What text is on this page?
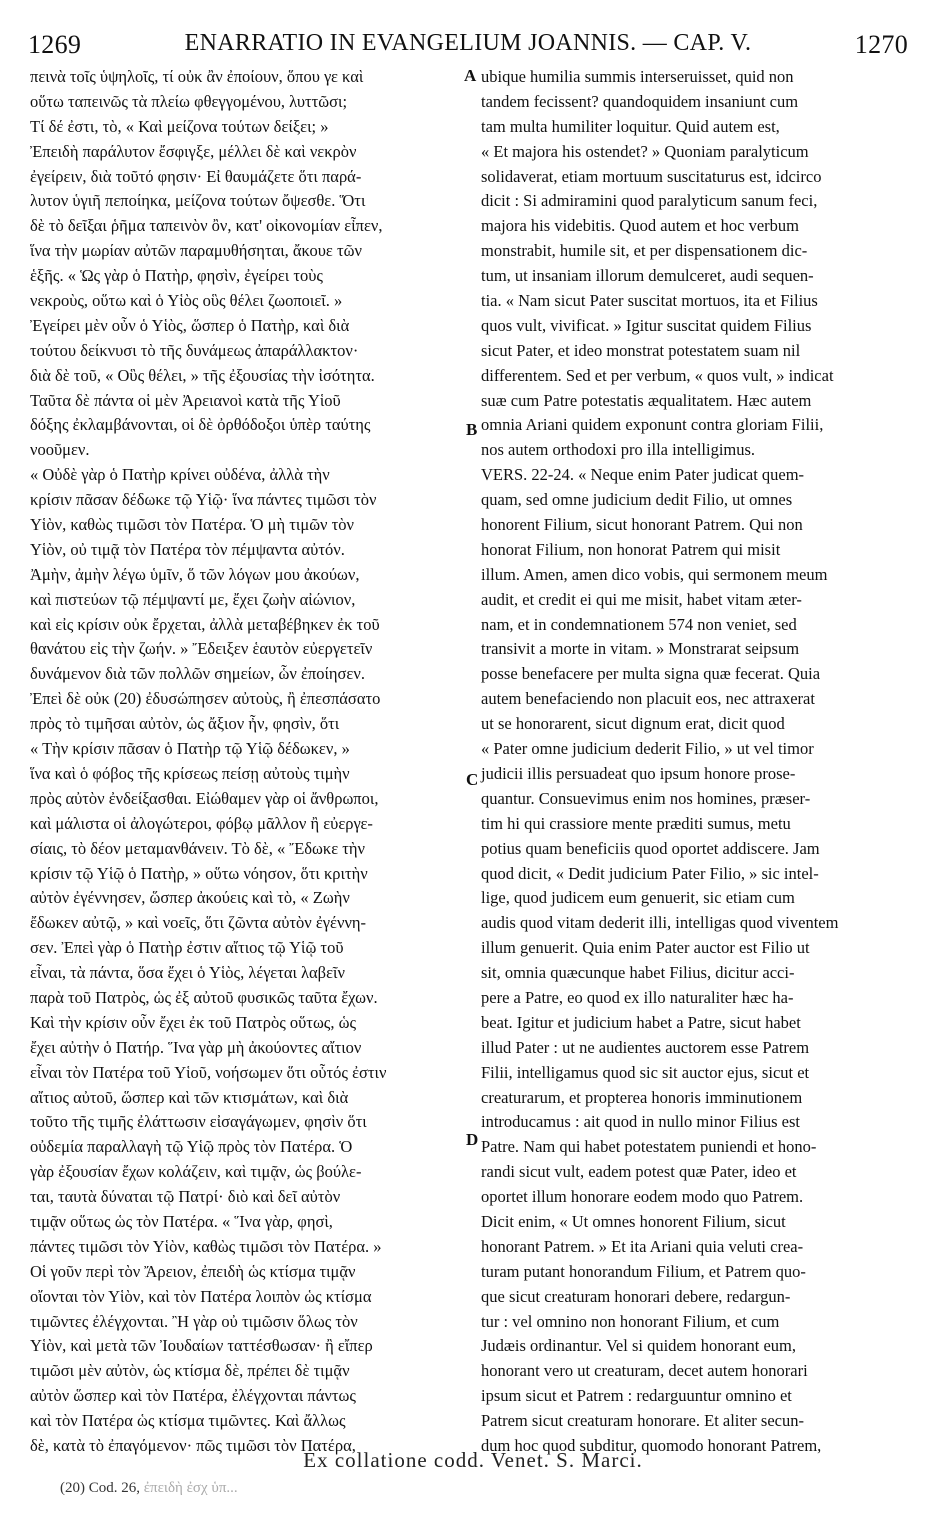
1269	ENARRATIO IN EVANGELIUM JOANNIS. — CAP. V.	1270
πεινὰ τοῖς ὑψηλοῖς, τί οὐκ ἂν ἐποίουν, ὅπου γε καὶ
οὕτω ταπεινῶς τὰ πλείω φθεγγομένου, λυττῶσι;
Τί δέ ἐστι, τὸ, « Καὶ μείζονα τούτων δείξει; »
Ἐπειδὴ παράλυτον ἔσφιγξε, μέλλει δὲ καὶ νεκρὸν
ἐγείρειν, διὰ τοῦτό φησιν· Εἰ θαυμάζετε ὅτι παρά-
λυτον ὑγιῆ πεποίηκα, μείζονα τούτων ὄψεσθε. Ὅτι
δὲ τὸ δεῖξαι ῥῆμα ταπεινὸν ὂν, κατ' οἰκονομίαν εἶπεν,
ἵνα τὴν μωρίαν αὐτῶν παραμυθήσηται, ἄκουε τῶν
ἑξῆς. « Ὡς γὰρ ὁ Πατὴρ, φησὶν, ἐγείρει τοὺς
νεκροὺς, οὕτω καὶ ὁ Υἱὸς οὓς θέλει ζωοποιεῖ. »
Ἐγείρει μὲν οὖν ὁ Υἱὸς, ὥσπερ ὁ Πατὴρ, καὶ διὰ
τούτου δείκνυσι τὸ τῆς δυνάμεως ἀπαράλλακτον·
διὰ δὲ τοῦ, « Οὓς θέλει, » τῆς ἐξουσίας τὴν ἰσότητα.
Ταῦτα δὲ πάντα οἱ μὲν Ἀρειανοὶ κατὰ τῆς Υἱοῦ
δόξης ἐκλαμβάνονται, οἱ δὲ ὀρθόδοξοι ὑπὲρ ταύτης
νοοῦμεν.
« Οὐδὲ γὰρ ὁ Πατὴρ κρίνει οὐδένα, ἀλλὰ τὴν
κρίσιν πᾶσαν δέδωκε τῷ Υἱῷ· ἵνα πάντες τιμῶσι τὸν
Υἱὸν, καθὼς τιμῶσι τὸν Πατέρα. Ὁ μὴ τιμῶν τὸν
Υἱὸν, οὐ τιμᾷ τὸν Πατέρα τὸν πέμψαντα αὐτόν.
Ἀμὴν, ἀμὴν λέγω ὑμῖν, ὅ τῶν λόγων μου ἀκούων,
καὶ πιστεύων τῷ πέμψαντί με, ἔχει ζωὴν αἰώνιον,
καὶ εἰς κρίσιν οὐκ ἔρχεται, ἀλλὰ μεταβέβηκεν ἐκ τοῦ
θανάτου εἰς τὴν ζωήν. » Ἔδειξεν ἑαυτὸν εὐεργετεῖν
δυνάμενον διὰ τῶν πολλῶν σημείων, ὧν ἐποίησεν.
Ἐπεὶ δὲ οὐκ (20) ἐδυσώπησεν αὐτοὺς, ἢ ἐπεσπάσατο
πρὸς τὸ τιμῆσαι αὐτὸν, ὡς ἄξιον ἦν, φησὶν, ὅτι
« Τὴν κρίσιν πᾶσαν ὁ Πατὴρ τῷ Υἱῷ δέδωκεν, »
ἵνα καὶ ὁ φόβος τῆς κρίσεως πείσῃ αὐτοὺς τιμὴν
πρὸς αὐτὸν ἐνδείξασθαι. Εἰώθαμεν γὰρ οἱ ἄνθρωποι,
καὶ μάλιστα οἱ ἀλογώτεροι, φόβῳ μᾶλλον ἢ εὐεργε-
σίαις, τὸ δέον μεταμανθάνειν. Τὸ δὲ, « Ἔδωκε τὴν
κρίσιν τῷ Υἱῷ ὁ Πατὴρ, » οὕτω νόησον, ὅτι κριτὴν
αὐτὸν ἐγέννησεν, ὥσπερ ἀκούεις καὶ τὸ, « Ζωὴν
ἔδωκεν αὐτῷ, » καὶ νοεῖς, ὅτι ζῶντα αὐτὸν ἐγέννη-
σεν. Ἐπεὶ γὰρ ὁ Πατὴρ ἐστιν αἴτιος τῷ Υἱῷ τοῦ
εἶναι, τὰ πάντα, ὅσα ἔχει ὁ Υἱὸς, λέγεται λαβεῖν
παρὰ τοῦ Πατρὸς, ὡς ἐξ αὐτοῦ φυσικῶς ταῦτα ἔχων.
Καὶ τὴν κρίσιν οὖν ἔχει ἐκ τοῦ Πατρὸς οὕτως, ὡς
ἔχει αὐτὴν ὁ Πατήρ. Ἵνα γὰρ μὴ ἀκούοντες αἴτιον
εἶναι τὸν Πατέρα τοῦ Υἱοῦ, νοήσωμεν ὅτι οὗτός ἐστιν
αἴτιος αὐτοῦ, ὥσπερ καὶ τῶν κτισμάτων, καὶ διὰ
τοῦτο τῆς τιμῆς ἐλάττωσιν εἰσαγάγωμεν, φησὶν ὅτι
οὐδεμία παραλλαγὴ τῷ Υἱῷ πρὸς τὸν Πατέρα. Ὁ
γὰρ ἐξουσίαν ἔχων κολάζειν, καὶ τιμᾷν, ὡς βούλε-
ται, ταυτὰ δύναται τῷ Πατρί· διὸ καὶ δεῖ αὐτὸν
τιμᾷν οὕτως ὡς τὸν Πατέρα. « Ἵνα γὰρ, φησὶ,
πάντες τιμῶσι τὸν Υἱὸν, καθὼς τιμῶσι τὸν Πατέρα. »
Οἱ γοῦν περὶ τὸν Ἄρειον, ἐπειδὴ ὡς κτίσμα τιμᾷν
οἴονται τὸν Υἱὸν, καὶ τὸν Πατέρα λοιπὸν ὡς κτίσμα
τιμῶντες ἐλέγχονται. Ἢ γὰρ οὐ τιμῶσιν ὅλως τὸν
Υἱὸν, καὶ μετὰ τῶν Ἰουδαίων ταττέσθωσαν· ἢ εἴπερ
τιμῶσι μὲν αὐτὸν, ὡς κτίσμα δὲ, πρέπει δὲ τιμᾷν
αὐτὸν ὥσπερ καὶ τὸν Πατέρα, ἐλέγχονται πάντως
καὶ τὸν Πατέρα ὡς κτίσμα τιμῶντες. Καὶ ἄλλως
δὲ, κατὰ τὸ ἐπαγόμενον· πῶς τιμῶσι τὸν Πατέρα,
ubique humilia summis interseruisset, quid non
tandem fecissent? quandoquidem insaniunt cum
tam multa humiliter loquitur. Quid autem est,
« Et majora his ostendet? » Quoniam paralyticum
solidaverat, etiam mortuum suscitaturus est, idcirco
dicit : Si admiramini quod paralyticum sanum feci,
majora his videbitis. Quod autem et hoc verbum
monstrabit, humile sit, et per dispensationem dic-
tum, ut insaniam illorum demulceret, audi sequen-
tia. « Nam sicut Pater suscitat mortuos, ita et Filius
quos vult, vivificat. » Igitur suscitat quidem Filius
sicut Pater, et ideo monstrat potestatem suam nil
differentem. Sed et per verbum, « quos vult, » indicat
suæ cum Patre potestatis æqualitatem. Hæc autem
omnia Ariani quidem exponunt contra gloriam Filii,
nos autem orthodoxi pro illa intelligimus.
VERS. 22-24. « Neque enim Pater judicat quem-
quam, sed omne judicium dedit Filio, ut omnes
honorent Filium, sicut honorant Patrem. Qui non
honorat Filium, non honorat Patrem qui misit
illum. Amen, amen dico vobis, qui sermonem meum
audit, et credit ei qui me misit, habet vitam æter-
nam, et in condemnationem 574 non veniet, sed
transivit a morte in vitam. » Monstrarat seipsum
posse benefacere per multa signa quæ fecerat. Quia
autem benefaciendo non placuit eos, nec attraxerat
ut se honorarent, sicut dignum erat, dicit quod
« Pater omne judicium dederit Filio, » ut vel timor
judicii illis persuadeat quo ipsum honore prose-
quantur. Consuevimus enim nos homines, præser-
tim hi qui crassiore mente præditi sumus, metu
potius quam beneficiis quod oportet addiscere. Jam
quod dicit, « Dedit judicium Pater Filio, » sic intel-
lige, quod judicem eum genuerit, sic etiam cum
audis quod vitam dederit illi, intelligas quod viventem
illum genuerit. Quia enim Pater auctor est Filio ut
sit, omnia quæcunque habet Filius, dicitur acci-
pere a Patre, eo quod ex illo naturaliter hæc ha-
beat. Igitur et judicium habet a Patre, sicut habet
illud Pater : ut ne audientes auctorem esse Patrem
Filii, intelligamus quod sic sit auctor ejus, sicut et
creaturarum, et propterea honoris imminutionem
introducamus : ait quod in nullo minor Filius est
Patre. Nam qui habet potestatem puniendi et hono-
randi sicut vult, eadem potest quæ Pater, ideo et
oportet illum honorare eodem modo quo Patrem.
Dicit enim, « Ut omnes honorent Filium, sicut
honorant Patrem. » Et ita Ariani quia veluti crea-
turam putant honorandum Filium, et Patrem quo-
que sicut creaturam honorari debere, redargun-
tur : vel omnino non honorant Filium, et cum
Judæis ordinantur. Vel si quidem honorant eum,
honorant vero ut creaturam, decet autem honorari
ipsum sicut et Patrem : redarguuntur omnino et
Patrem sicut creaturam honorare. Et aliter secun-
dum hoc quod subditur, quomodo honorant Patrem,
A
B
C
D
Ex collatione codd. Venet. S. Marci.
(20) Cod. 26, ἐπειδὴ ἐσχ ὑπ...
